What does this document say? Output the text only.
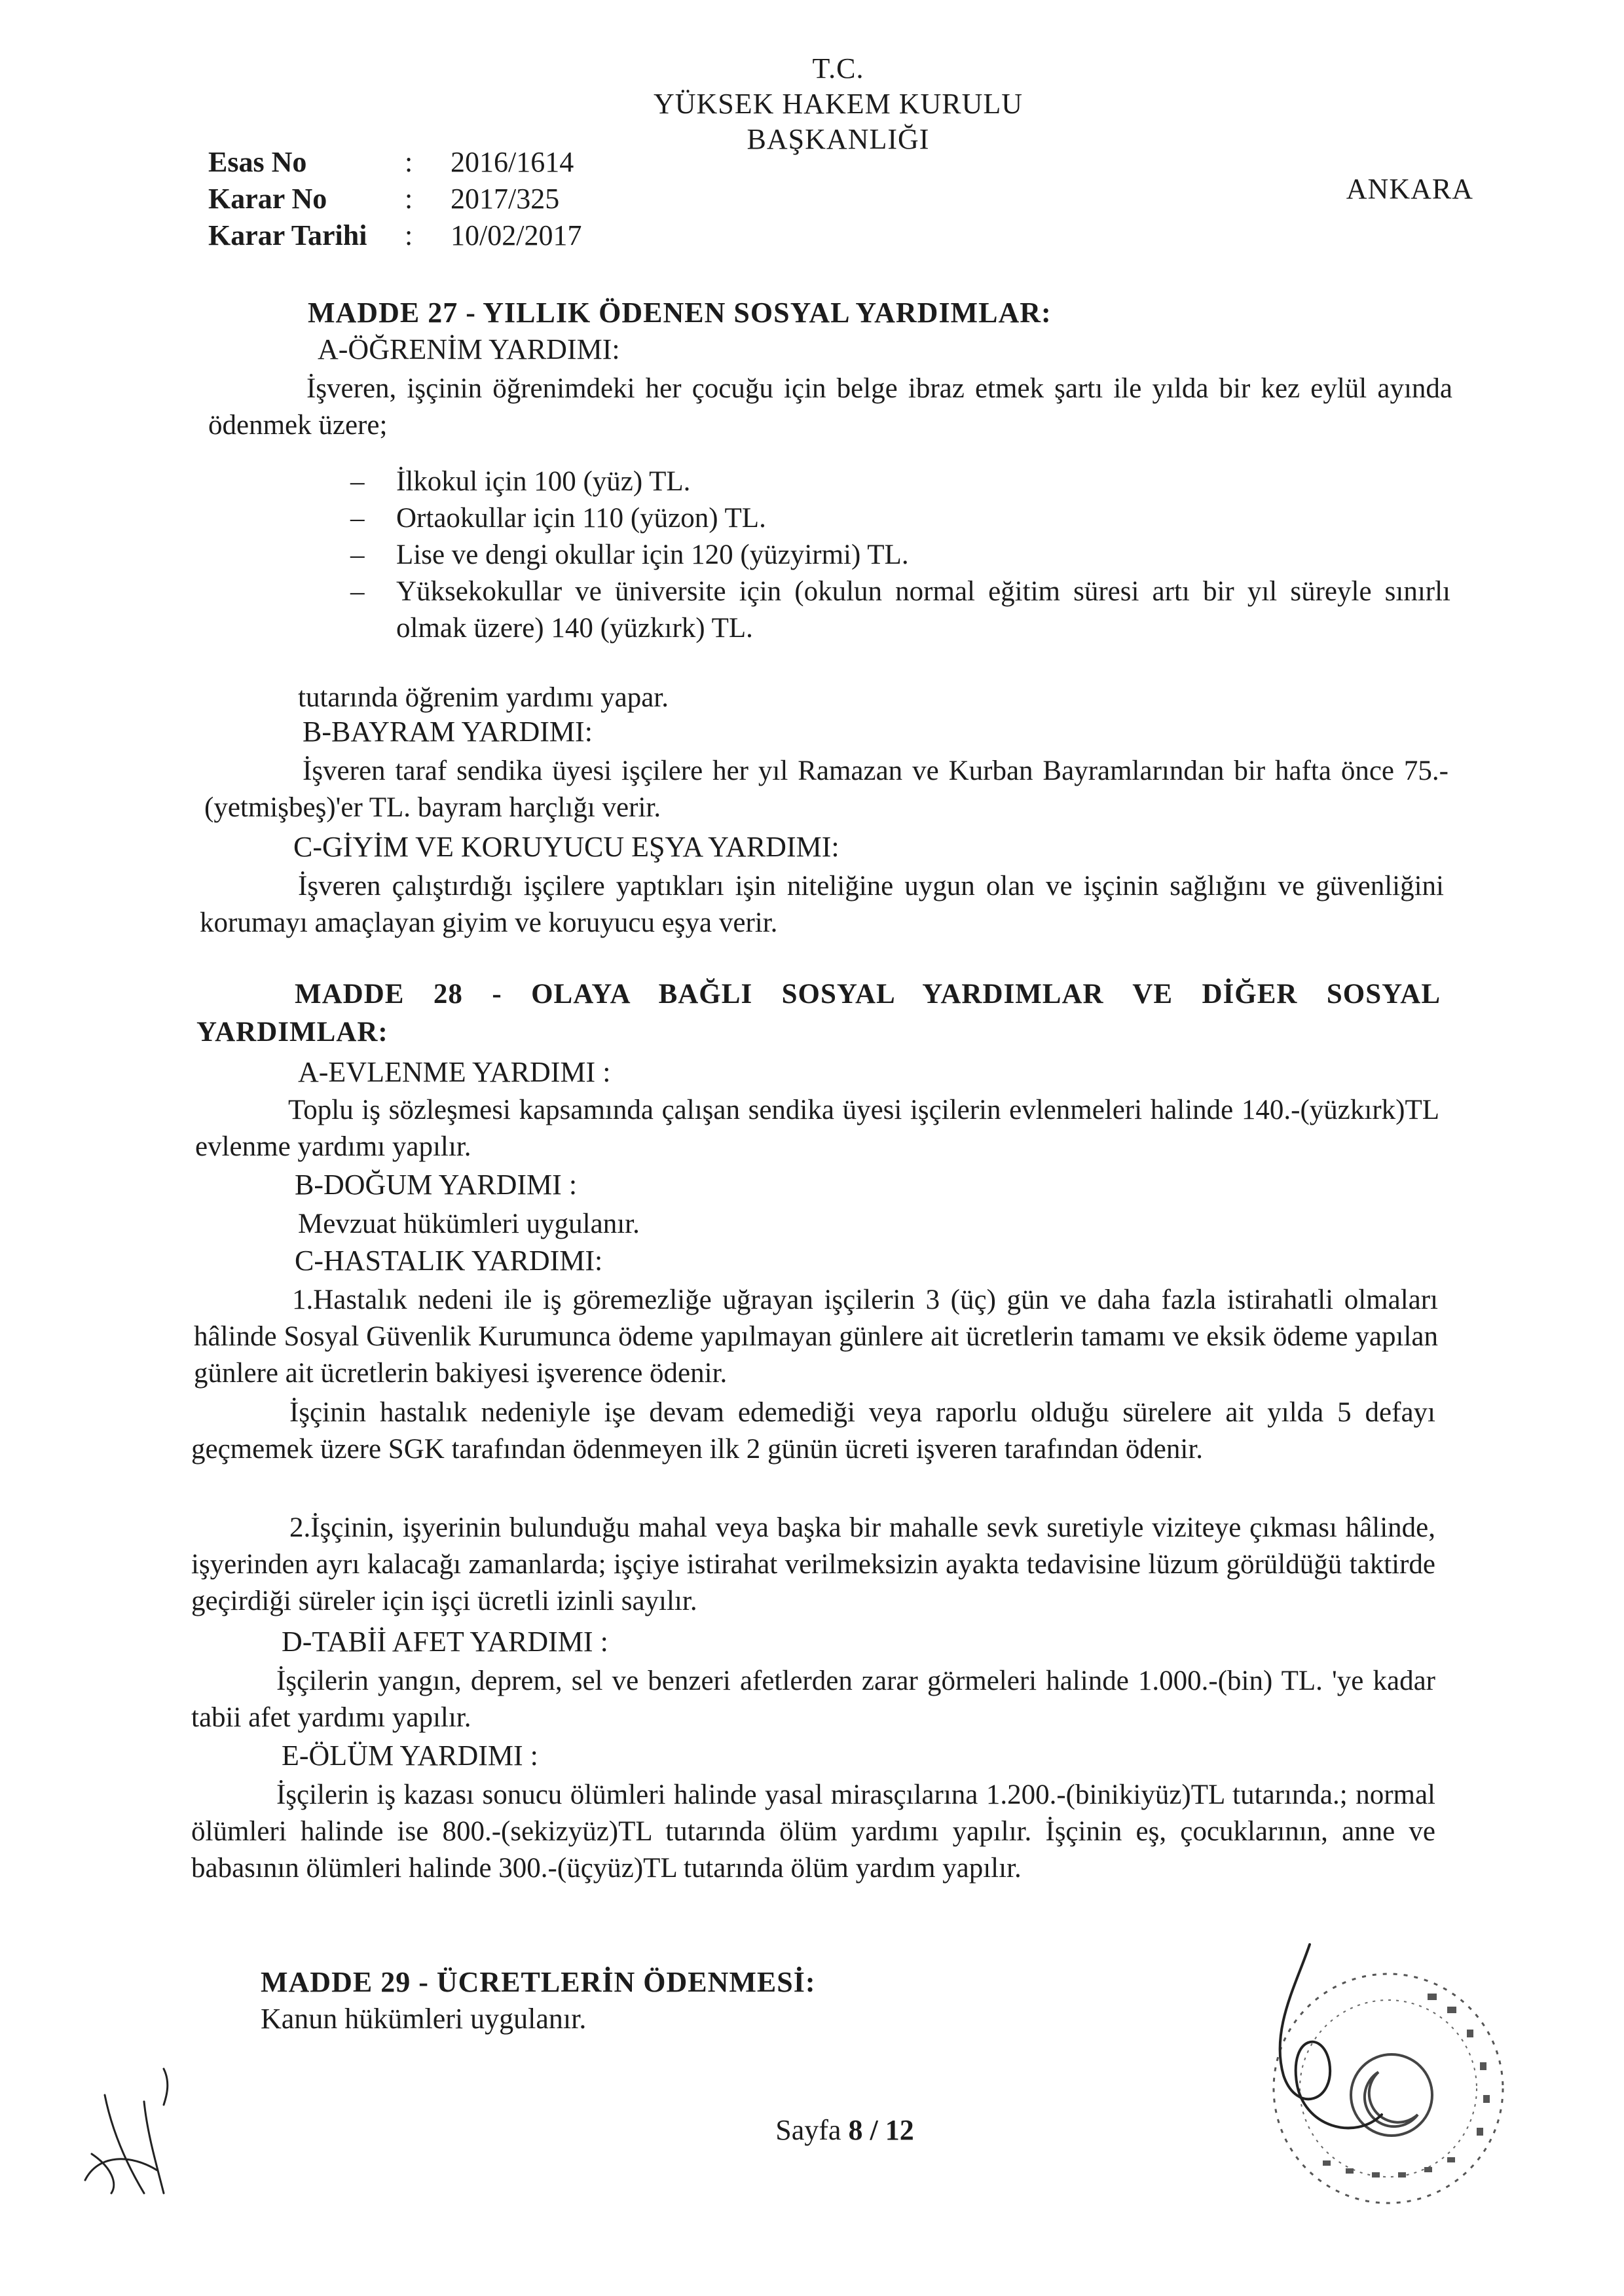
T.C.
YÜKSEK HAKEM KURULU
BAŞKANLIĞI
ANKARA
Esas No	: 2016/1614
Karar No	: 2017/325
Karar Tarihi : 10/02/2017
MADDE 27 - YILLIK ÖDENEN SOSYAL YARDIMLAR:
A-ÖĞRENİM YARDIMI:

İşveren, işçinin öğrenimdeki her çocuğu için belge ibraz etmek şartı ile yılda bir kez eylül ayında ödenmek üzere;

– İlkokul için 100 (yüz) TL.
– Ortaokullar için 110 (yüzon) TL.
– Lise ve dengi okullar için 120 (yüzyirmi) TL.
–	Yüksekokullar ve üniversite için (okulun normal eğitim süresi artı bir yıl süreyle sınırlı olmak üzere) 140 (yüzkırk) TL.
tutarında öğrenim yardımı yapar.
B-BAYRAM YARDIMI:

İşveren taraf sendika üyesi işçilere her yıl Ramazan ve Kurban Bayramlarından bir hafta önce 75.-(yetmişbeş)'er TL. bayram harçlığı verir.

C-GİYİM VE KORUYUCU EŞYA YARDIMI:

İşveren çalıştırdığı işçilere yaptıkları işin niteliğine uygun olan ve işçinin sağlığını ve güvenliğini korumayı amaçlayan giyim ve koruyucu eşya verir.

MADDE 28 - OLAYA BAĞLI SOSYAL YARDIMLAR VE DİĞER SOSYAL YARDIMLAR:

A-EVLENME YARDIMI :

Toplu iş sözleşmesi kapsamında çalışan sendika üyesi işçilerin evlenmeleri halinde 140.-(yüzkırk)TL evlenme yardımı yapılır.

B-DOĞUM YARDIMI :
Mevzuat hükümleri uygulanır.
C-HASTALIK YARDIMI:

1.Hastalık nedeni ile iş göremezliğe uğrayan işçilerin 3 (üç) gün ve daha fazla istirahatli olmaları hâlinde Sosyal Güvenlik Kurumunca ödeme yapılmayan günlere ait ücretlerin tamamı ve eksik ödeme yapılan günlere ait ücretlerin bakiyesi işverence ödenir.

İşçinin hastalık nedeniyle işe devam edemediği veya raporlu olduğu sürelere ait yılda 5 defayı geçmemek üzere SGK tarafından ödenmeyen ilk 2 günün ücreti işveren tarafından ödenir.

2.İşçinin, işyerinin bulunduğu mahal veya başka bir mahalle sevk suretiyle viziteye çıkması hâlinde, işyerinden ayrı kalacağı zamanlarda; işçiye istirahat verilmeksizin ayakta tedavisine lüzum görüldüğü taktirde geçirdiği süreler için işçi ücretli izinli sayılır.

D-TABİİ AFET YARDIMI :

İşçilerin yangın, deprem, sel ve benzeri afetlerden zarar görmeleri halinde 1.000.-(bin) TL. 'ye kadar tabii afet yardımı yapılır.

E-ÖLÜM YARDIMI :

İşçilerin iş kazası sonucu ölümleri halinde yasal mirasçılarına 1.200.-(binikiyüz)TL tutarında.; normal ölümleri halinde ise 800.-(sekizyüz)TL tutarında ölüm yardımı yapılır. İşçinin eş, çocuklarının, anne ve babasının ölümleri halinde 300.-(üçyüz)TL tutarında ölüm yardım yapılır.

MADDE 29 - ÜCRETLERİN ÖDENMESİ:
Kanun hükümleri uygulanır.
Sayfa 8 / 12
